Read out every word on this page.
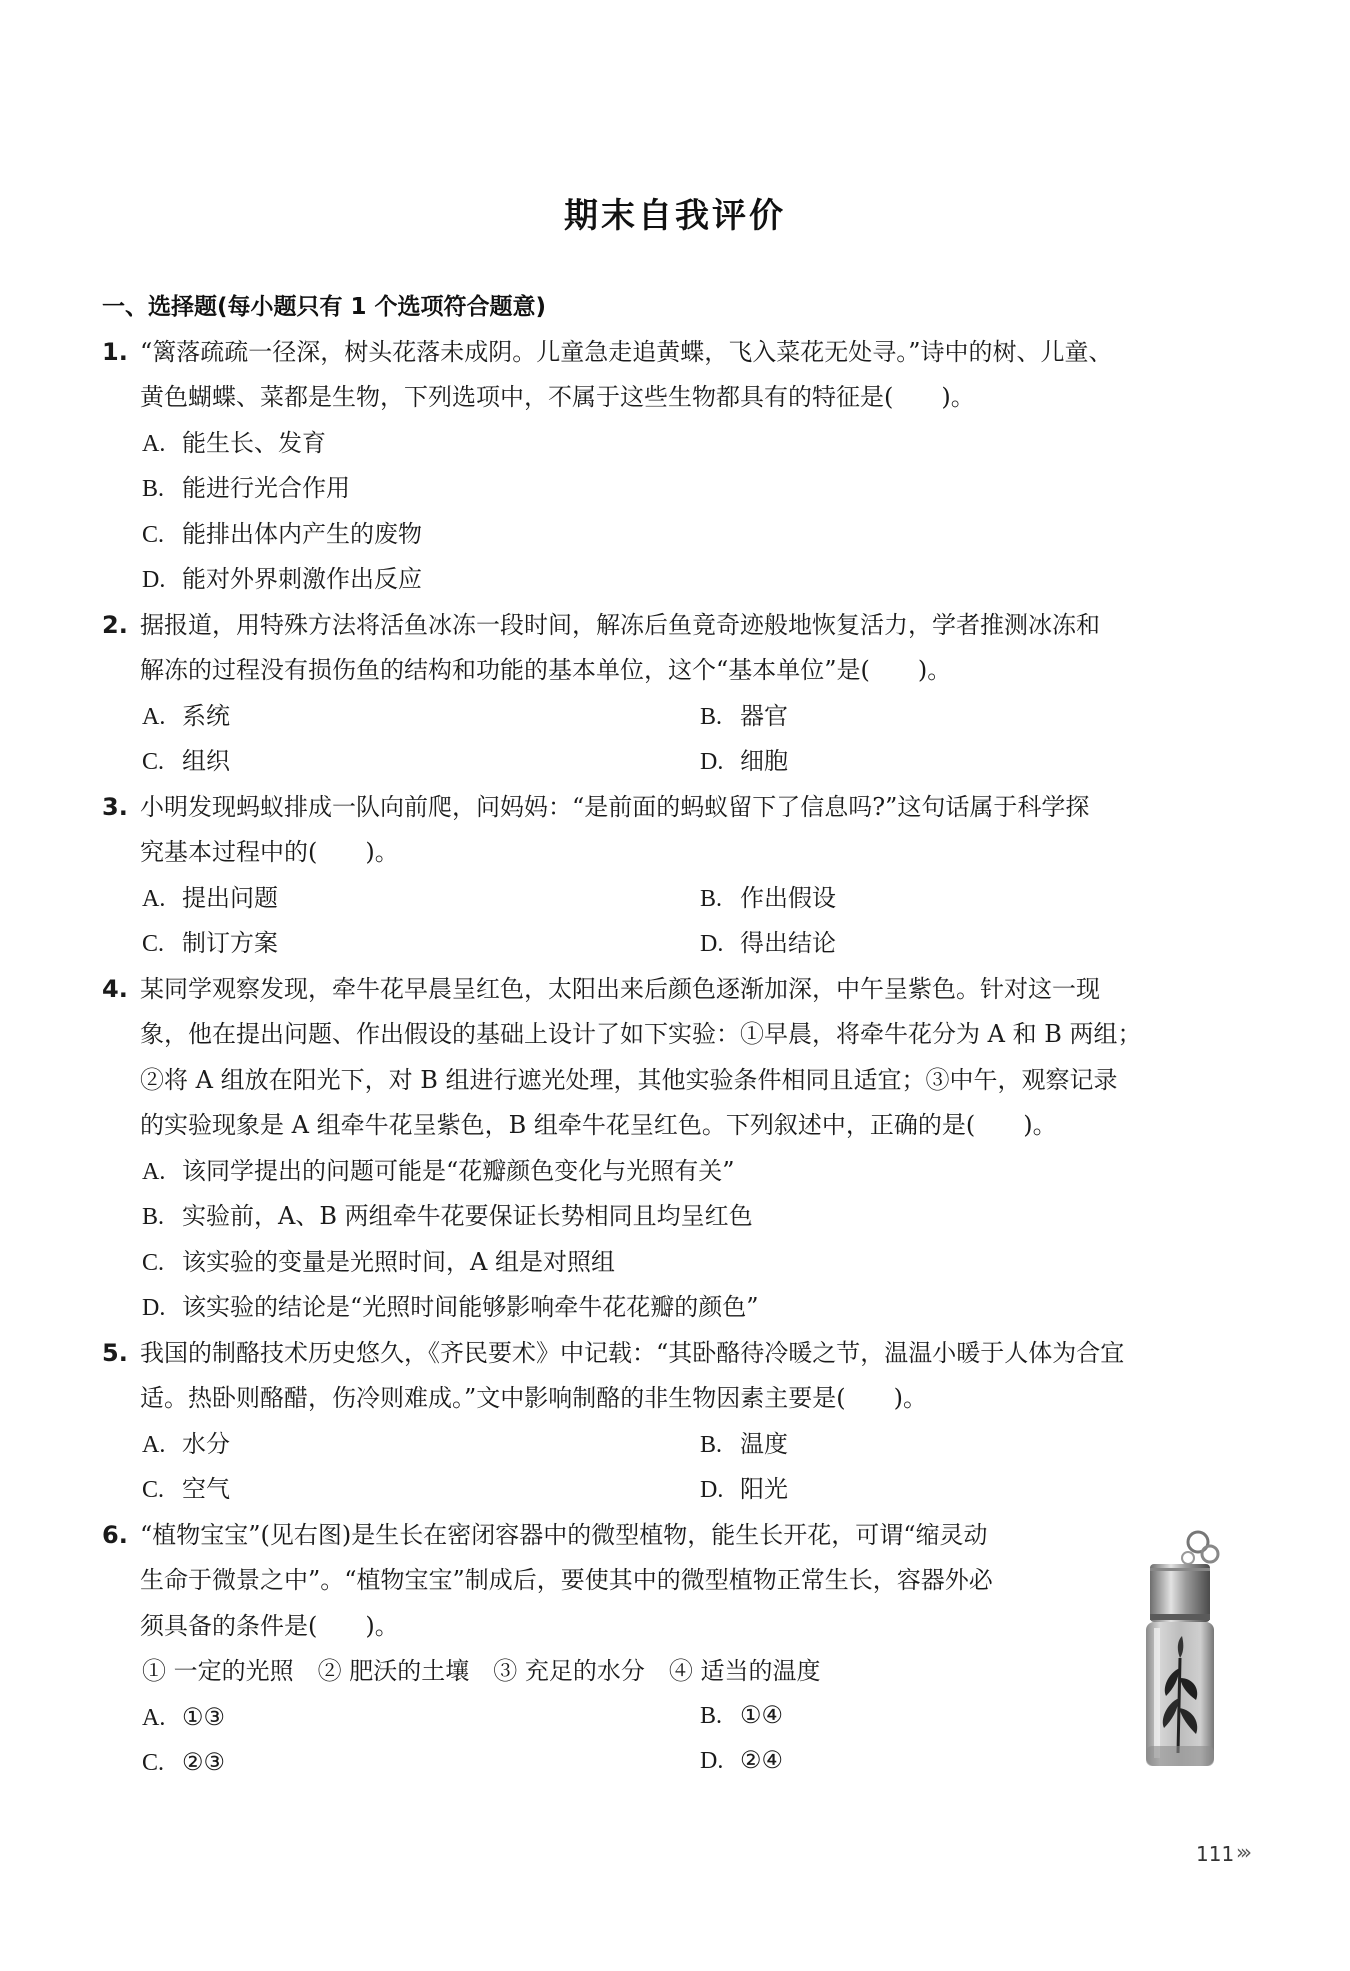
期末自我评价
一、选择题(每小题只有 1 个选项符合题意)
1. “篱落疏疏一径深，树头花落未成阴。儿童急走追黄蝶，飞入菜花无处寻。”诗中的树、儿童、
黄色蝴蝶、菜都是生物，下列选项中，不属于这些生物都具有的特征是(　　)。
A. 能生长、发育
B. 能进行光合作用
C. 能排出体内产生的废物
D. 能对外界刺激作出反应
2. 据报道，用特殊方法将活鱼冰冻一段时间，解冻后鱼竟奇迹般地恢复活力，学者推测冰冻和
解冻的过程没有损伤鱼的结构和功能的基本单位，这个“基本单位”是(　　)。
A. 系统	B. 器官
C. 组织	D. 细胞
3. 小明发现蚂蚁排成一队向前爬，问妈妈：“是前面的蚂蚁留下了信息吗?”这句话属于科学探
究基本过程中的(　　)。
A. 提出问题	B. 作出假设
C. 制订方案	D. 得出结论
4. 某同学观察发现，牵牛花早晨呈红色，太阳出来后颜色逐渐加深，中午呈紫色。针对这一现
象，他在提出问题、作出假设的基础上设计了如下实验：①早晨，将牵牛花分为 A 和 B 两组；
②将 A 组放在阳光下，对 B 组进行遮光处理，其他实验条件相同且适宜；③中午，观察记录
的实验现象是 A 组牵牛花呈紫色，B 组牵牛花呈红色。下列叙述中，正确的是(　　)。
A. 该同学提出的问题可能是“花瓣颜色变化与光照有关”
B. 实验前，A、B 两组牵牛花要保证长势相同且均呈红色
C. 该实验的变量是光照时间，A 组是对照组
D. 该实验的结论是“光照时间能够影响牵牛花花瓣的颜色”
5. 我国的制酪技术历史悠久，《齐民要术》中记载：“其卧酪待冷暖之节，温温小暖于人体为合宜
适。热卧则酪醋，伤冷则难成。”文中影响制酪的非生物因素主要是(　　)。
A. 水分	B. 温度
C. 空气	D. 阳光
6. “植物宝宝”(见右图)是生长在密闭容器中的微型植物，能生长开花，可谓“缩灵动
生命于微景之中”。“植物宝宝”制成后，要使其中的微型植物正常生长，容器外必
须具备的条件是(　　)。
① 一定的光照　② 肥沃的土壤　③ 充足的水分　④ 适当的温度
A. ①③	B. ①④
C. ②③	D. ②④
111 ›››
